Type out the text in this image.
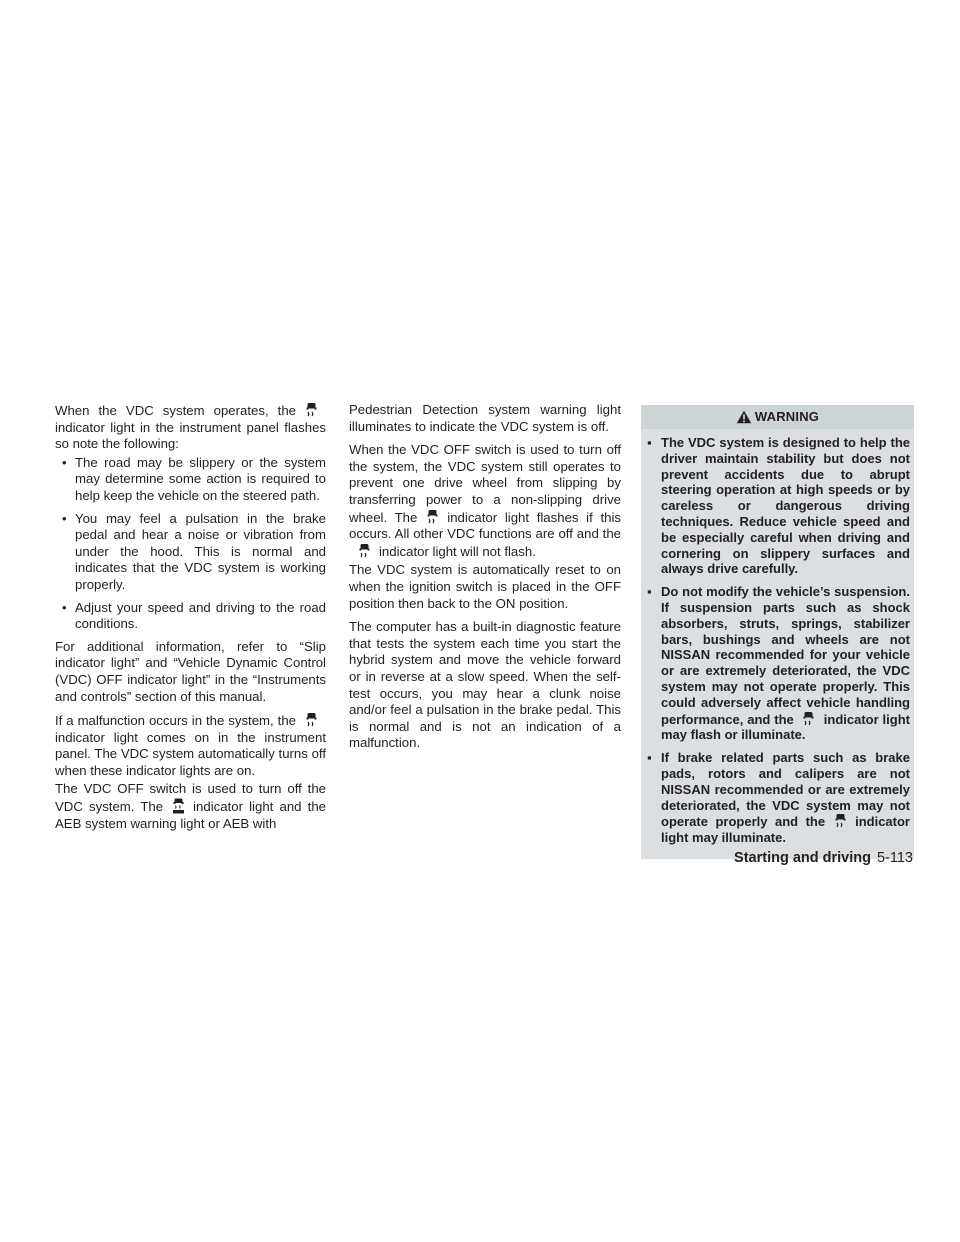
When the VDC system operates, the
indicator light in the instrument panel flashes so note the following:

• The road may be slippery or the system may determine some action is required to help keep the vehicle on the steered path.
• You may feel a pulsation in the brake pedal and hear a noise or vibration from under the hood. This is normal and indicates that the VDC system is working properly.
• Adjust your speed and driving to the road conditions.

For additional information, refer to “Slip indicator light” and “Vehicle Dynamic Control (VDC) OFF indicator light” in the “Instruments and controls” section of this manual.

If a malfunction occurs in the system, the
indicator light comes on in the instrument panel. The VDC system automatically turns off when these indicator lights are on.

The VDC OFF switch is used to turn off the VDC system. The indicator light and the AEB system warning light or AEB with

Pedestrian Detection system warning light illuminates to indicate the VDC system is off.

When the VDC OFF switch is used to turn off the system, the VDC system still operates to prevent one drive wheel from slipping by transferring power to a non-slipping drive wheel. The indicator light flashes if this occurs. All other VDC functions are off and the
indicator light will not flash.

The VDC system is automatically reset to on when the ignition switch is placed in the OFF position then back to the ON position.

The computer has a built-in diagnostic feature that tests the system each time you start the hybrid system and move the vehicle forward or in reverse at a slow speed. When the self-test occurs, you may hear a clunk noise and/or feel a pulsation in the brake pedal. This is normal and is not an indication of a malfunction.

WARNING
▪ The VDC system is designed to help the driver maintain stability but does not prevent accidents due to abrupt steering operation at high speeds or by careless or dangerous driving techniques. Reduce vehicle speed and be especially careful when driving and cornering on slippery surfaces and always drive carefully.
▪ Do not modify the vehicle’s suspension. If suspension parts such as shock absorbers, struts, springs, stabilizer bars, bushings and wheels are not NISSAN recommended for your vehicle or are extremely deteriorated, the VDC system may not operate properly. This could adversely affect vehicle handling performance, and the indicator light may flash or illuminate.
▪ If brake related parts such as brake pads, rotors and calipers are not NISSAN recommended or are extremely deteriorated, the VDC system may not operate properly and the indicator light may illuminate.
Starting and driving 5-113
